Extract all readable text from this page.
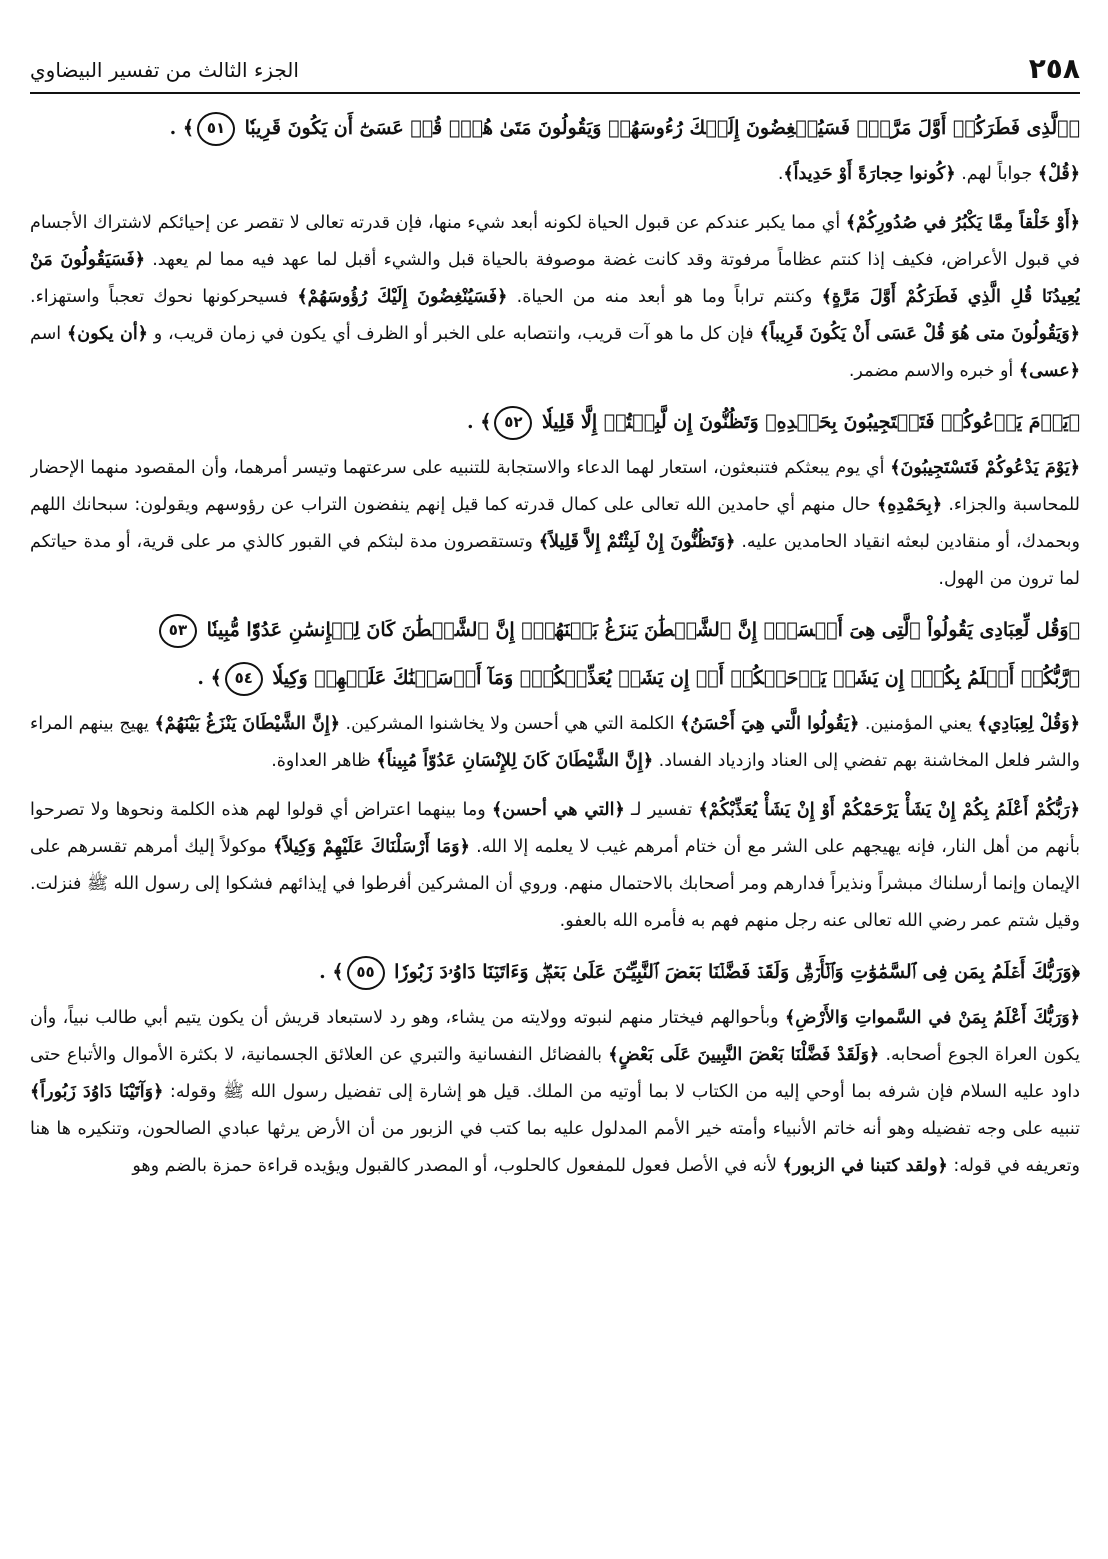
٢٥٨
الجزء الثالث من تفسير البيضاوي

﴿ٱلَّذِى فَطَرَكُمۡ أَوَّلَ مَرَّةٖۚ فَسَيُنۡغِضُونَ إِلَيۡكَ رُءُوسَهُمۡ وَيَقُولُونَ مَتَىٰ هُوَۖ قُلۡ عَسَىٰٓ أَن يَكُونَ قَرِيبٗا ٥١﴾ .

﴿قُلْ﴾ جواباً لهم. ﴿كُونوا حِجارَةً أَوْ حَدِيداً﴾.

﴿أَوْ خَلْقاً مِمَّا يَكْبُرُ في صُدُورِكُمْ﴾ أي مما يكبر عندكم عن قبول الحياة لكونه أبعد شيء منها، فإن قدرته تعالى لا تقصر عن إحيائكم لاشتراك الأجسام في قبول الأعراض، فكيف إذا كنتم عظاماً مرفوتة وقد كانت غضة موصوفة بالحياة قبل والشيء أقبل لما عهد فيه مما لم يعهد. ﴿فَسَيَقُولُونَ مَنْ يُعِيدُنَا قُلِ الَّذِي فَطَرَكُمْ أَوَّلَ مَرَّةٍ﴾ وكنتم تراباً وما هو أبعد منه من الحياة. ﴿فَسَيُنْغِضُونَ إِلَيْكَ رُؤُوسَهُمْ﴾ فسيحركونها نحوك تعجباً واستهزاء. ﴿وَيَقُولُونَ متى هُوَ قُلْ عَسَى أَنْ يَكُونَ قَرِيباً﴾ فإن كل ما هو آت قريب، وانتصابه على الخبر أو الظرف أي يكون في زمان قريب، و ﴿أن يكون﴾ اسم ﴿عسى﴾ أو خبره والاسم مضمر.

﴿يَوۡمَ يَدۡعُوكُمۡ فَتَسۡتَجِيبُونَ بِحَمۡدِهِۦ وَتَظُنُّونَ إِن لَّبِثۡتُمۡ إِلَّا قَلِيلٗا ٥٢﴾ .

﴿يَوْمَ يَدْعُوكُمْ فَتَسْتَجِيبُونَ﴾ أي يوم يبعثكم فتنبعثون، استعار لهما الدعاء والاستجابة للتنبيه على سرعتهما وتيسر أمرهما، وأن المقصود منهما الإحضار للمحاسبة والجزاء. ﴿بِحَمْدِهِ﴾ حال منهم أي حامدين الله تعالى على كمال قدرته كما قيل إنهم ينفضون التراب عن رؤوسهم ويقولون: سبحانك اللهم وبحمدك، أو منقادين لبعثه انقياد الحامدين عليه. ﴿وَتَظُنُّونَ إِنْ لَبِثْتُمْ إِلاَّ قَلِيلاً﴾ وتستقصرون مدة لبثكم في القبور كالذي مر على قرية، أو مدة حياتكم لما ترون من الهول.

﴿وَقُل لِّعِبَادِى يَقُولُواْ ٱلَّتِى هِىَ أَحۡسَنُۚ إِنَّ ٱلشَّيۡطَٰنَ يَنزَغُ بَيۡنَهُمۡۚ إِنَّ ٱلشَّيۡطَٰنَ كَانَ لِلۡإِنسَٰنِ عَدُوّٗا مُّبِينٗا ٥٣

﴿رَّبُّكُمۡ أَعۡلَمُ بِكُمۡۖ إِن يَشَأۡ يَرۡحَمۡكُمۡ أَوۡ إِن يَشَأۡ يُعَذِّبۡكُمۡۚ وَمَآ أَرۡسَلۡنَٰكَ عَلَيۡهِمۡ وَكِيلٗا ٥٤﴾ .

﴿وَقُلْ لِعِبَادِي﴾ يعني المؤمنين. ﴿يَقُولُوا الَّتي هِيَ أَحْسَنُ﴾ الكلمة التي هي أحسن ولا يخاشنوا المشركين. ﴿إِنَّ الشَّيْطَانَ يَنْزَغُ بَيْنَهُمْ﴾ يهيج بينهم المراء والشر فلعل المخاشنة بهم تفضي إلى العناد وازدياد الفساد. ﴿إِنَّ الشَّيْطَانَ كَانَ لِلإِنْسَانِ عَدُوّاً مُبِيناً﴾ ظاهر العداوة.

﴿رَبُّكُمْ أَعْلَمُ بِكُمْ إِنْ يَشَأْ يَرْحَمْكُمْ أَوْ إِنْ يَشَأْ يُعَذِّبْكُمْ﴾ تفسير لـ ﴿التي هي أحسن﴾ وما بينهما اعتراض أي قولوا لهم هذه الكلمة ونحوها ولا تصرحوا بأنهم من أهل النار، فإنه يهيجهم على الشر مع أن ختام أمرهم غيب لا يعلمه إلا الله. ﴿وَمَا أَرْسَلْنَاكَ عَلَيْهِمْ وَكِيلاً﴾ موكولاً إليك أمرهم تقسرهم على الإيمان وإنما أرسلناك مبشراً ونذيراً فدارهم ومر أصحابك بالاحتمال منهم. وروي أن المشركين أفرطوا في إيذائهم فشكوا إلى رسول الله ﷺ فنزلت. وقيل شتم عمر رضي الله تعالى عنه رجل منهم فهم به فأمره الله بالعفو.

﴿وَرَبُّكَ أَعۡلَمُ بِمَن فِى ٱلسَّمَٰوَٰتِ وَٱلۡأَرۡضِۗ وَلَقَدۡ فَضَّلۡنَا بَعۡضَ ٱلنَّبِيِّـۧنَ عَلَىٰ بَعۡضٖۖ وَءَاتَيۡنَا دَاوُۥدَ زَبُورٗا ٥٥﴾ .

﴿وَرَبُّكَ أَعْلَمُ بِمَنْ في السَّمواتِ وَالأَرْضِ﴾ وبأحوالهم فيختار منهم لنبوته وولايته من يشاء، وهو رد لاستبعاد قريش أن يكون يتيم أبي طالب نبياً، وأن يكون العراة الجوع أصحابه. ﴿وَلَقَدْ فَضَّلْنَا بَعْضَ النَّبِيينَ عَلَى بَعْضٍ﴾ بالفضائل النفسانية والتبري عن العلائق الجسمانية، لا بكثرة الأموال والأتباع حتى داود عليه السلام فإن شرفه بما أوحي إليه من الكتاب لا بما أوتيه من الملك. قيل هو إشارة إلى تفضيل رسول الله ﷺ وقوله: ﴿وَآتَيْنَا دَاوُدَ زَبُوراً﴾ تنبيه على وجه تفضيله وهو أنه خاتم الأنبياء وأمته خير الأمم المدلول عليه بما كتب في الزبور من أن الأرض يرثها عبادي الصالحون، وتنكيره ها هنا وتعريفه في قوله: ﴿ولقد كتبنا في الزبور﴾ لأنه في الأصل فعول للمفعول كالحلوب، أو المصدر كالقبول ويؤيده قراءة حمزة بالضم وهو
